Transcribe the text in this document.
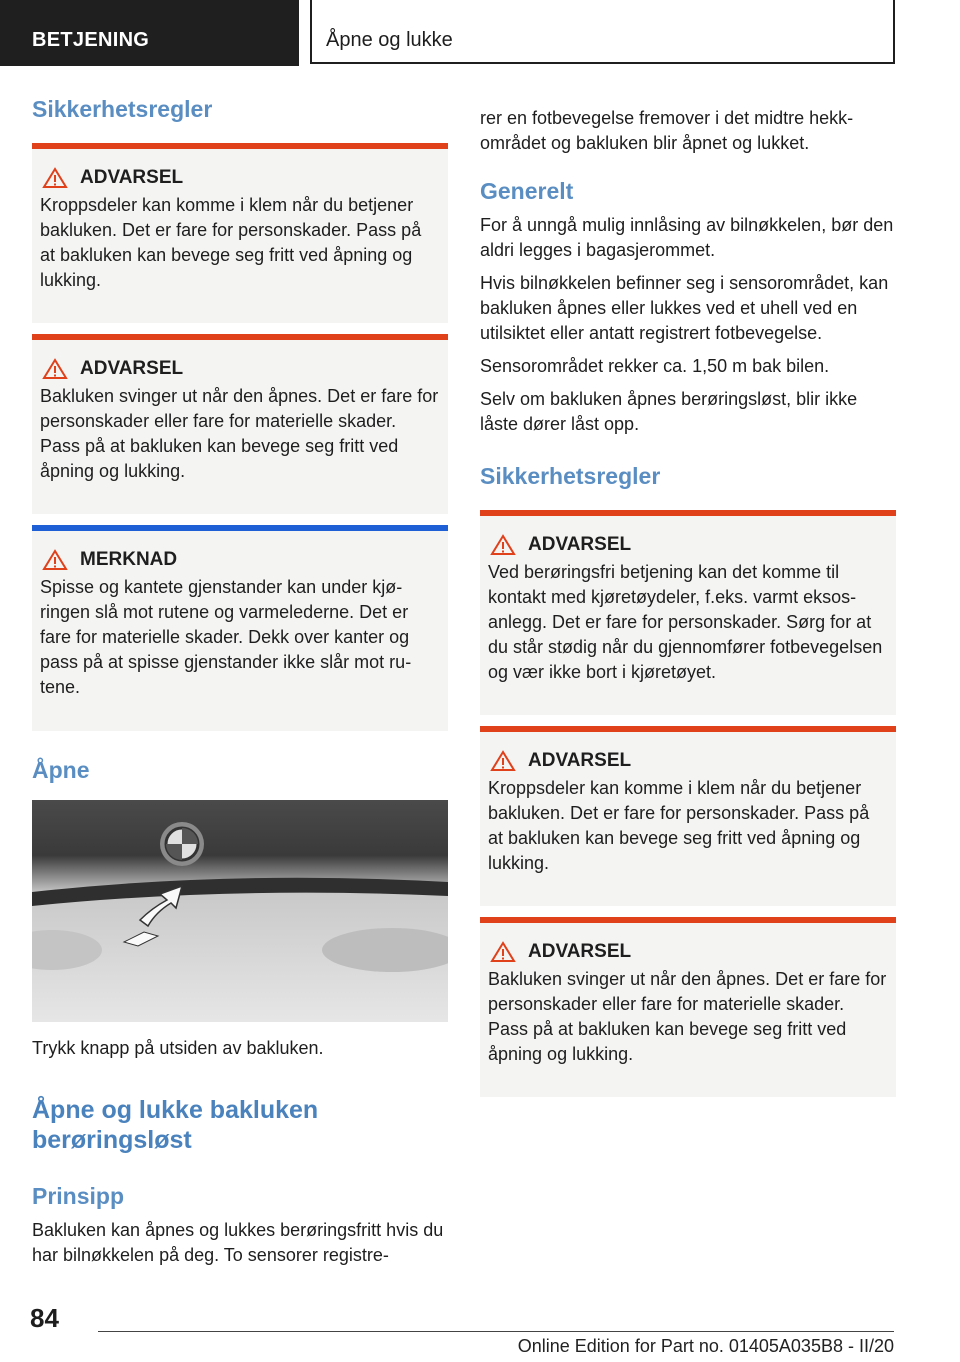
BETJENING	Åpne og lukke
Sikkerhetsregler
ADVARSEL

Kroppsdeler kan komme i klem når du betjener bakluken. Det er fare for personskader. Pass på at bakluken kan bevege seg fritt ved åpning og lukking.

ADVARSEL

Bakluken svinger ut når den åpnes. Det er fare for personskader eller fare for materielle skader. Pass på at bakluken kan bevege seg fritt ved åpning og lukking.

MERKNAD

Spisse og kantete gjenstander kan under kjøringen slå mot rutene og varmelederne. Det er fare for materielle skader. Dekk over kanter og pass på at spisse gjenstander ikke slår mot rutene.

Åpne

Trykk knapp på utsiden av bakluken.

Åpne og lukke bakluken berøringsløst
Prinsipp

Bakluken kan åpnes og lukkes berøringsfritt hvis du har bilnøkkelen på deg. To sensorer registre-

rer en fotbevegelse fremover i det midtre hekkområdet og bakluken blir åpnet og lukket.

Generelt

For å unngå mulig innlåsing av bilnøkkelen, bør den aldri legges i bagasjerommet.

Hvis bilnøkkelen befinner seg i sensorområdet, kan bakluken åpnes eller lukkes ved et uhell ved en utilsiktet eller antatt registrert fotbevegelse.

Sensorområdet rekker ca. 1,50 m bak bilen.

Selv om bakluken åpnes berøringsløst, blir ikke låste dører låst opp.

Sikkerhetsregler
ADVARSEL

Ved berøringsfri betjening kan det komme til kontakt med kjøretøydeler, f.eks. varmt eksosanlegg. Det er fare for personskader. Sørg for at du står stødig når du gjennomfører fotbevegelsen og vær ikke bort i kjøretøyet.

ADVARSEL

Kroppsdeler kan komme i klem når du betjener bakluken. Det er fare for personskader. Pass på at bakluken kan bevege seg fritt ved åpning og lukking.

ADVARSEL

Bakluken svinger ut når den åpnes. Det er fare for personskader eller fare for materielle skader. Pass på at bakluken kan bevege seg fritt ved åpning og lukking.

84
Online Edition for Part no. 01405A035B8 - II/20
